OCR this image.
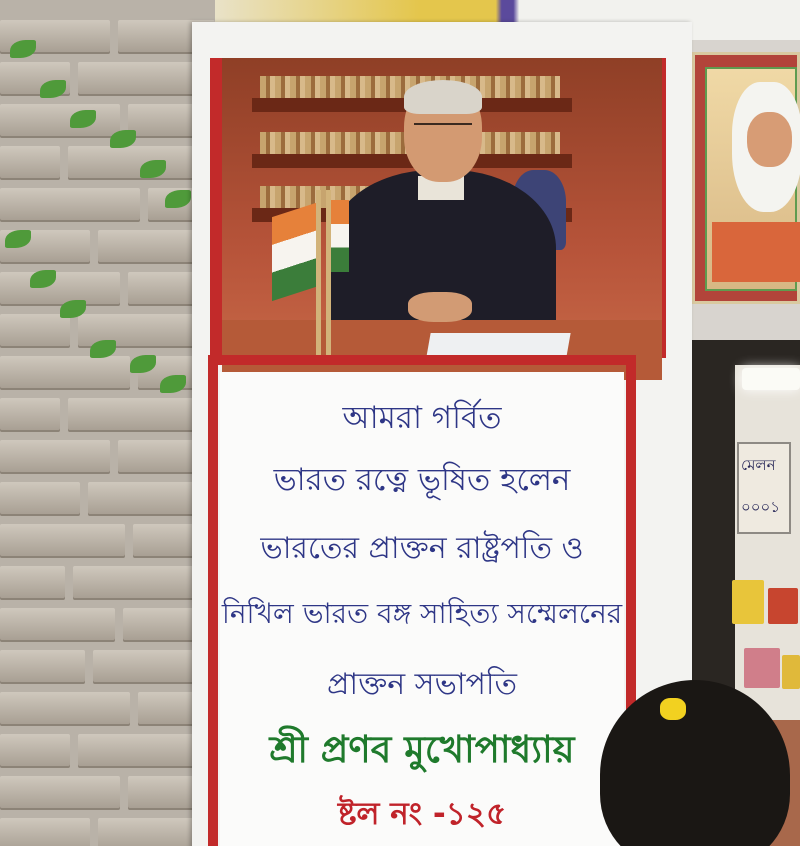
মেলন
০০০১
আমরা গর্বিত
ভারত রত্নে ভূষিত হলেন
ভারতের প্রাক্তন রাষ্ট্রপতি ও
নিখিল ভারত বঙ্গ সাহিত্য সম্মেলনের
প্রাক্তন সভাপতি
শ্রী প্রণব মুখোপাধ্যায়
ষ্টল নং -১২৫
